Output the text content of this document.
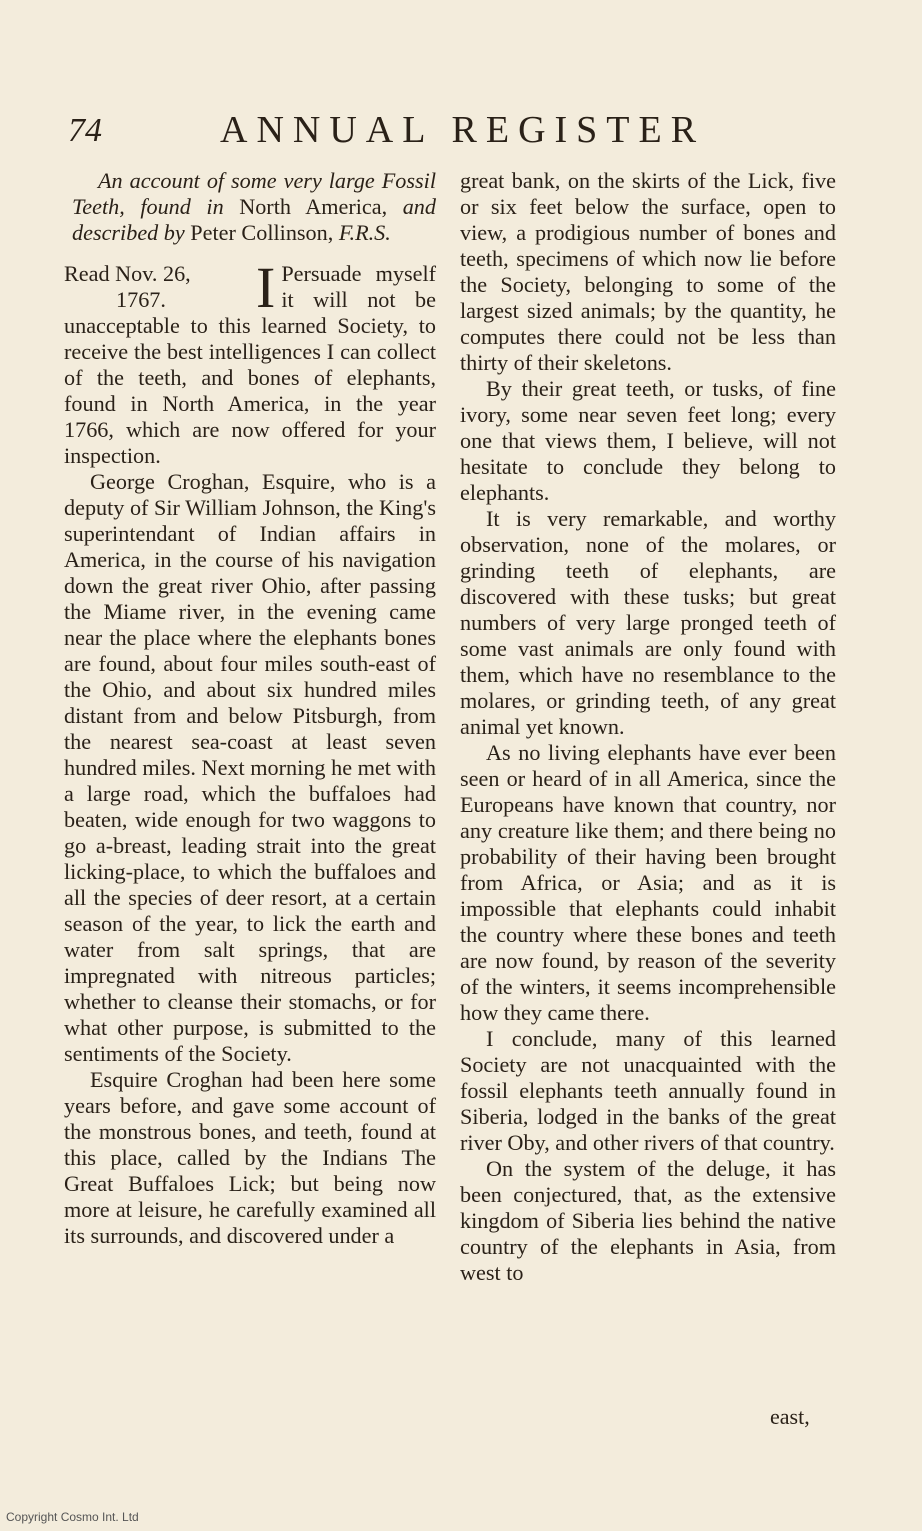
74	ANNUAL REGISTER

An account of some very large Fossil Teeth, found in North America, and described by Peter Collinson, F.R.S.

Read Nov. 26,
1767.	I Persuade myself it will not be unacceptable to this learned Society, to receive the best intelligences I can collect of the teeth, and bones of elephants, found in North America, in the year 1766, which are now offered for your inspection.

George Croghan, Esquire, who is a deputy of Sir William Johnson, the King's superintendant of Indian affairs in America, in the course of his navigation down the great river Ohio, after passing the Miame river, in the evening came near the place where the elephants bones are found, about four miles south-east of the Ohio, and about six hundred miles distant from and below Pitsburgh, from the nearest sea-coast at least seven hundred miles. Next morning he met with a large road, which the buffaloes had beaten, wide enough for two waggons to go a-breast, leading strait into the great licking-place, to which the buffaloes and all the species of deer resort, at a certain season of the year, to lick the earth and water from salt springs, that are impregnated with nitreous particles; whether to cleanse their stomachs, or for what other purpose, is submitted to the sentiments of the Society.

Esquire Croghan had been here some years before, and gave some account of the monstrous bones, and teeth, found at this place, called by the Indians The Great Buffaloes Lick; but being now more at leisure, he carefully examined all its surrounds, and discovered under a

great bank, on the skirts of the Lick, five or six feet below the surface, open to view, a prodigious number of bones and teeth, specimens of which now lie before the Society, belonging to some of the largest sized animals; by the quantity, he computes there could not be less than thirty of their skeletons.

By their great teeth, or tusks, of fine ivory, some near seven feet long; every one that views them, I believe, will not hesitate to conclude they belong to elephants.

It is very remarkable, and worthy observation, none of the molares, or grinding teeth of elephants, are discovered with these tusks; but great numbers of very large pronged teeth of some vast animals are only found with them, which have no resemblance to the molares, or grinding teeth, of any great animal yet known.

As no living elephants have ever been seen or heard of in all America, since the Europeans have known that country, nor any creature like them; and there being no probability of their having been brought from Africa, or Asia; and as it is impossible that elephants could inhabit the country where these bones and teeth are now found, by reason of the severity of the winters, it seems incomprehensible how they came there.

I conclude, many of this learned Society are not unacquainted with the fossil elephants teeth annually found in Siberia, lodged in the banks of the great river Oby, and other rivers of that country.

On the system of the deluge, it has been conjectured, that, as the extensive kingdom of Siberia lies behind the native country of the elephants in Asia, from west to

east,
Copyright Cosmo Int. Ltd
